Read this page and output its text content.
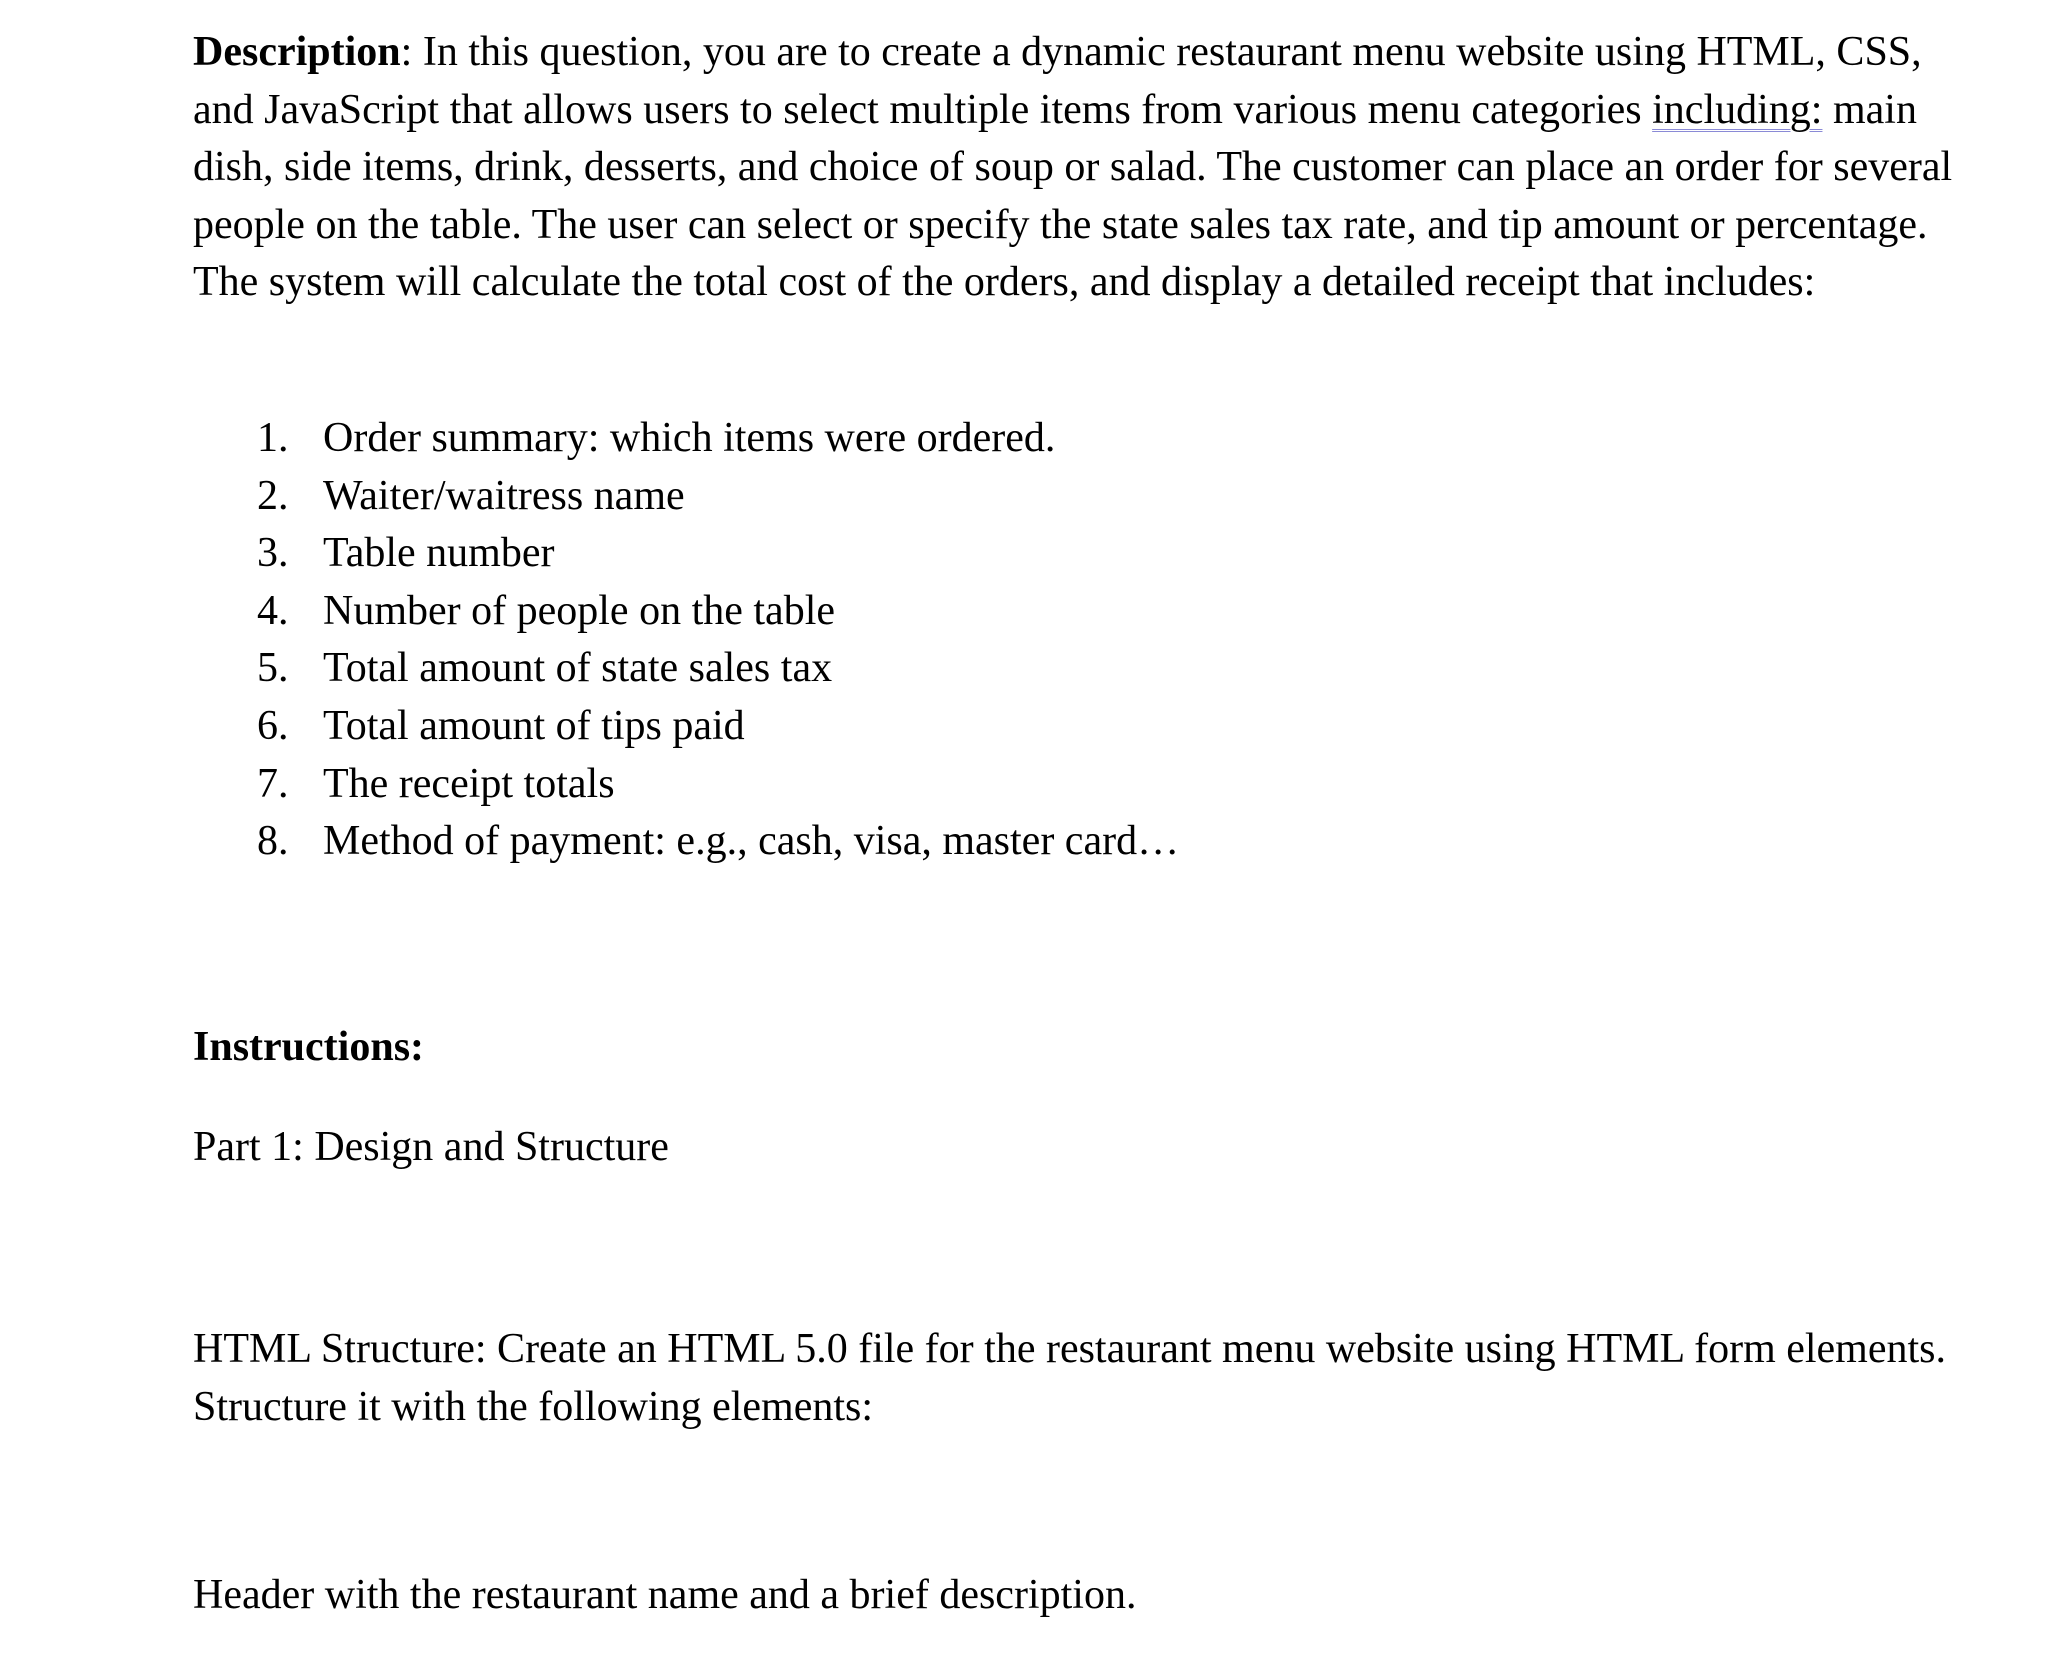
Description: In this question, you are to create a dynamic restaurant menu website using HTML, CSS, and JavaScript that allows users to select multiple items from various menu categories including: main dish, side items, drink, desserts, and choice of soup or salad. The customer can place an order for several people on the table. The user can select or specify the state sales tax rate, and tip amount or percentage. The system will calculate the total cost of the orders, and display a detailed receipt that includes:

1. Order summary: which items were ordered.
2. Waiter/waitress name
3. Table number
4. Number of people on the table
5. Total amount of state sales tax
6. Total amount of tips paid
7. The receipt totals
8. Method of payment: e.g., cash, visa, master card…
Instructions:
Part 1: Design and Structure

HTML Structure: Create an HTML 5.0 file for the restaurant menu website using HTML form elements. Structure it with the following elements:

Header with the restaurant name and a brief description.
